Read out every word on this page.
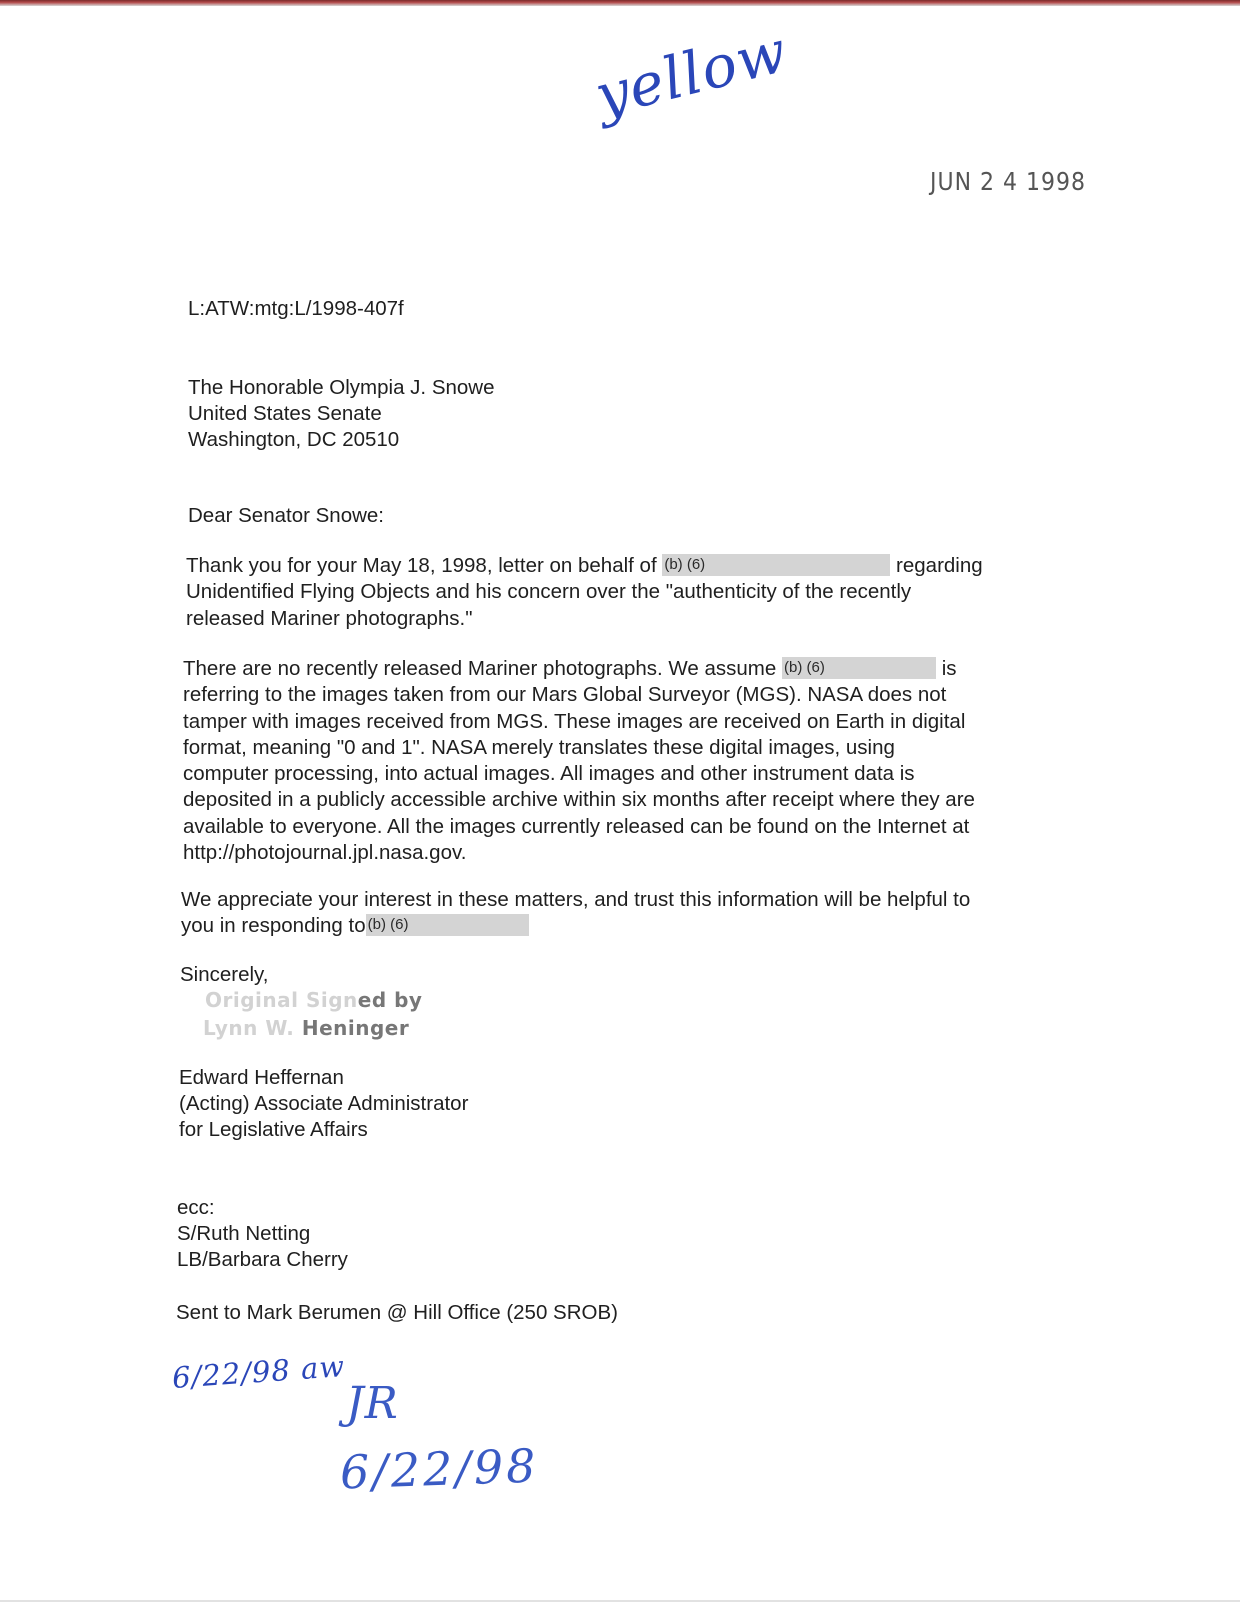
yellow
JUN 2 4 1998
L:ATW:mtg:L/1998-407f

The Honorable Olympia J. Snowe

United States Senate

Washington, DC 20510

Dear Senator Snowe:
Thank you for your May 18, 1998, letter on behalf of (b) (6)	regarding
Unidentified Flying Objects and his concern over the "authenticity of the recently
released Mariner photographs."
There are no recently released Mariner photographs. We assume (b) (6)	is
referring to the images taken from our Mars Global Surveyor (MGS). NASA does not
tamper with images received from MGS. These images are received on Earth in digital
format, meaning "0 and 1". NASA merely translates these digital images, using
computer processing, into actual images. All images and other instrument data is
deposited in a publicly accessible archive within six months after receipt where they are
available to everyone. All the images currently released can be found on the Internet at
http://photojournal.jpl.nasa.gov.
We appreciate your interest in these matters, and trust this information will be helpful to
you in responding to (b) (6)
Sincerely,
Original Signed by
Lynn W. Heninger

Edward Heffernan

(Acting) Associate Administrator

for Legislative Affairs

ecc:

S/Ruth Netting

LB/Barbara Cherry

Sent to Mark Berumen @ Hill Office (250 SROB)
6/22/98 aw
JR
6/22/98
